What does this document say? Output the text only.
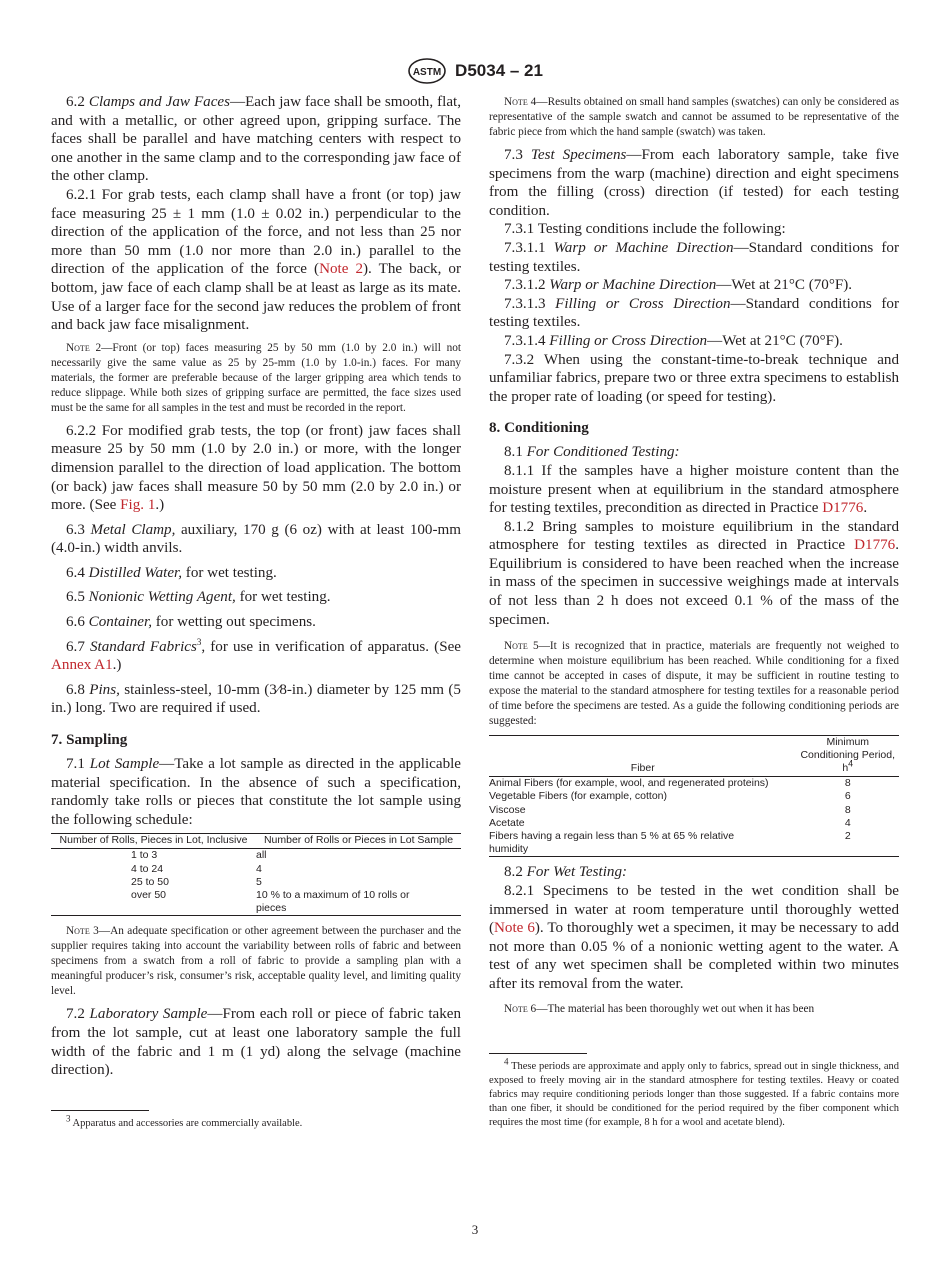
ASTM D5034 – 21

6.2 Clamps and Jaw Faces—Each jaw face shall be smooth, flat, and with a metallic, or other agreed upon, gripping surface. The faces shall be parallel and have matching centers with respect to one another in the same clamp and to the corresponding jaw face of the other clamp.

6.2.1 For grab tests, each clamp shall have a front (or top) jaw face measuring 25 ± 1 mm (1.0 ± 0.02 in.) perpendicular to the direction of the application of the force, and not less than 25 nor more than 50 mm (1.0 nor more than 2.0 in.) parallel to the direction of the application of the force (Note 2). The back, or bottom, jaw face of each clamp shall be at least as large as its mate. Use of a larger face for the second jaw reduces the problem of front and back jaw face misalignment.

Note 2—Front (or top) faces measuring 25 by 50 mm (1.0 by 2.0 in.) will not necessarily give the same value as 25 by 25-mm (1.0 by 1.0-in.) faces. For many materials, the former are preferable because of the larger gripping area which tends to reduce slippage. While both sizes of gripping surface are permitted, the face sizes used must be the same for all samples in the test and must be recorded in the report.

6.2.2 For modified grab tests, the top (or front) jaw faces shall measure 25 by 50 mm (1.0 by 2.0 in.) or more, with the longer dimension parallel to the direction of load application. The bottom (or back) jaw faces shall measure 50 by 50 mm (2.0 by 2.0 in.) or more. (See Fig. 1.)

6.3 Metal Clamp, auxiliary, 170 g (6 oz) with at least 100-mm (4.0-in.) width anvils.

6.4 Distilled Water, for wet testing.

6.5 Nonionic Wetting Agent, for wet testing.

6.6 Container, for wetting out specimens.

6.7 Standard Fabrics$^3$, for use in verification of apparatus. (See Annex A1.)

6.8 Pins, stainless-steel, 10-mm (3⁄8-in.) diameter by 125 mm (5 in.) long. Two are required if used.

7. Sampling

7.1 Lot Sample—Take a lot sample as directed in the applicable material specification. In the absence of such a specification, randomly take rolls or pieces that constitute the lot sample using the following schedule:

Number of Rolls, Pieces in Lot, Inclusive	Number of Rolls or Pieces in Lot Sample
1 to 3	all
4 to 24	4
25 to 50	5
over 50	10 % to a maximum of 10 rolls or pieces

Note 3—An adequate specification or other agreement between the purchaser and the supplier requires taking into account the variability between rolls of fabric and between specimens from a swatch from a roll of fabric to provide a sampling plan with a meaningful producer’s risk, consumer’s risk, acceptable quality level, and limiting quality level.

7.2 Laboratory Sample—From each roll or piece of fabric taken from the lot sample, cut at least one laboratory sample the full width of the fabric and 1 m (1 yd) along the selvage (machine direction).

$^3$ Apparatus and accessories are commercially available.

Note 4—Results obtained on small hand samples (swatches) can only be considered as representative of the sample swatch and cannot be assumed to be representative of the fabric piece from which the hand sample (swatch) was taken.

7.3 Test Specimens—From each laboratory sample, take five specimens from the warp (machine) direction and eight specimens from the filling (cross) direction (if tested) for each testing condition.

7.3.1 Testing conditions include the following:

7.3.1.1 Warp or Machine Direction—Standard conditions for testing textiles.

7.3.1.2 Warp or Machine Direction—Wet at 21°C (70°F).

7.3.1.3 Filling or Cross Direction—Standard conditions for testing textiles.

7.3.1.4 Filling or Cross Direction—Wet at 21°C (70°F).

7.3.2 When using the constant-time-to-break technique and unfamiliar fabrics, prepare two or three extra specimens to establish the proper rate of loading (or speed for testing).

8. Conditioning

8.1 For Conditioned Testing:

8.1.1 If the samples have a higher moisture content than the moisture present when at equilibrium in the standard atmosphere for testing textiles, precondition as directed in Practice D1776.

8.1.2 Bring samples to moisture equilibrium in the standard atmosphere for testing textiles as directed in Practice D1776. Equilibrium is considered to have been reached when the increase in mass of the specimen in successive weighings made at intervals of not less than 2 h does not exceed 0.1 % of the mass of the specimen.

Note 5—It is recognized that in practice, materials are frequently not weighed to determine when moisture equilibrium has been reached. While conditioning for a fixed time cannot be accepted in cases of dispute, it may be sufficient in routine testing to expose the material to the standard atmosphere for testing textiles for a reasonable period of time before the specimens are tested. As a guide the following conditioning periods are suggested:

Fiber	Minimum Conditioning Period, $h^4$
Animal Fibers (for example, wool, and regenerated proteins)	8
Vegetable Fibers (for example, cotton)	6
Viscose	8
Acetate	4
Fibers having a regain less than 5 % at 65 % relative humidity	2

8.2 For Wet Testing:

8.2.1 Specimens to be tested in the wet condition shall be immersed in water at room temperature until thoroughly wetted (Note 6). To thoroughly wet a specimen, it may be necessary to add not more than 0.05 % of a nonionic wetting agent to the water. A test of any wet specimen shall be completed within two minutes after its removal from the water.

Note 6—The material has been thoroughly wet out when it has been

$^4$ These periods are approximate and apply only to fabrics, spread out in single thickness, and exposed to freely moving air in the standard atmosphere for testing textiles. Heavy or coated fabrics may require conditioning periods longer than those suggested. If a fabric contains more than one fiber, it should be conditioned for the period required by the fiber component which requires the most time (for example, 8 h for a wool and acetate blend).

3
